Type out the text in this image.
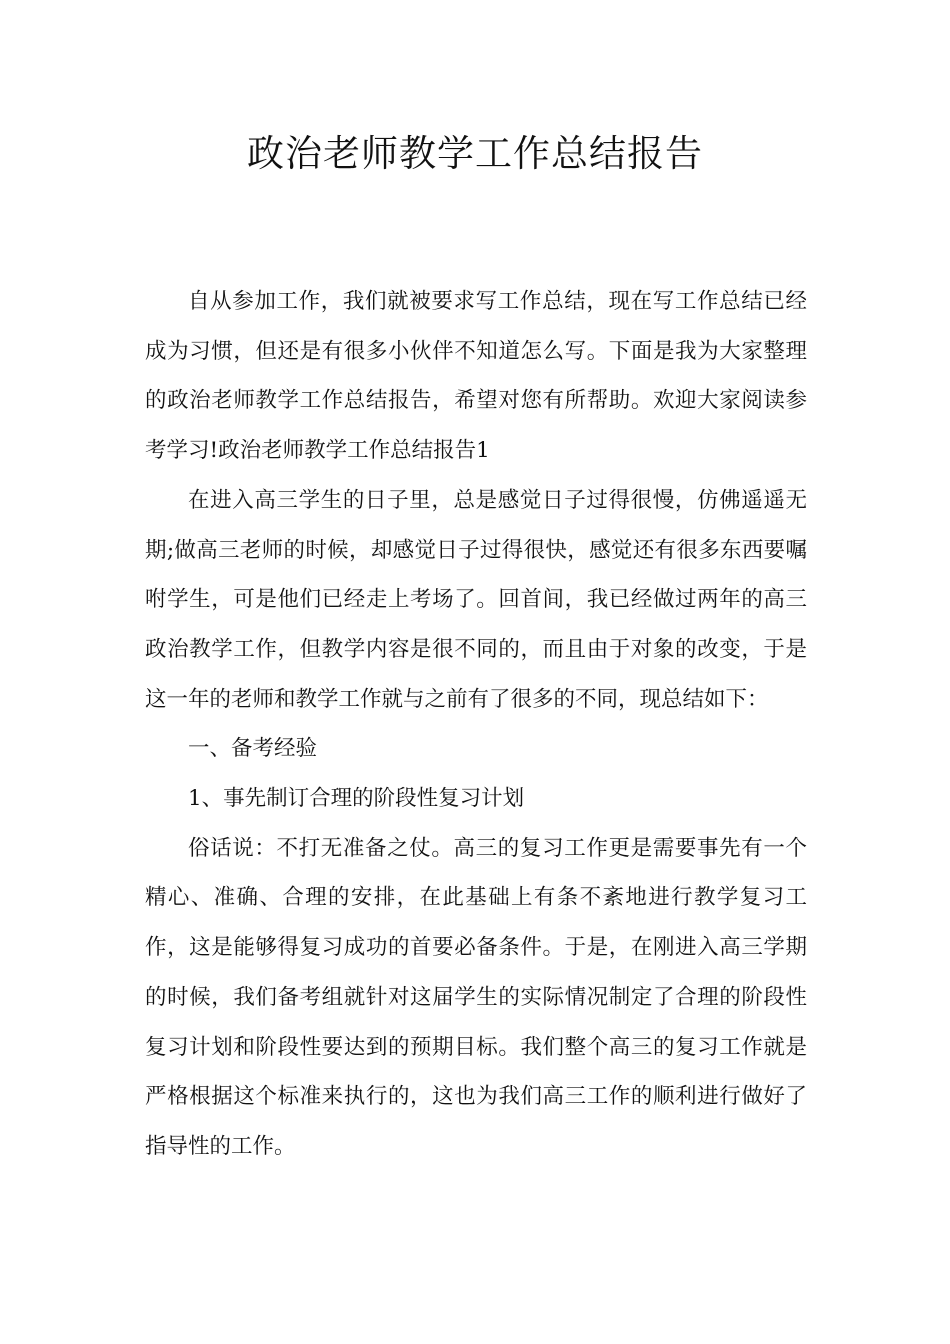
政治老师教学工作总结报告

自从参加工作，我们就被要求写工作总结，现在写工作总结已经成为习惯，但还是有很多小伙伴不知道怎么写。下面是我为大家整理的政治老师教学工作总结报告，希望对您有所帮助。欢迎大家阅读参考学习!政治老师教学工作总结报告1

在进入高三学生的日子里，总是感觉日子过得很慢，仿佛遥遥无期;做高三老师的时候，却感觉日子过得很快，感觉还有很多东西要嘱咐学生，可是他们已经走上考场了。回首间，我已经做过两年的高三政治教学工作，但教学内容是很不同的，而且由于对象的改变，于是这一年的老师和教学工作就与之前有了很多的不同，现总结如下：

一、备考经验

1、事先制订合理的阶段性复习计划

俗话说：不打无准备之仗。高三的复习工作更是需要事先有一个精心、准确、合理的安排，在此基础上有条不紊地进行教学复习工作，这是能够得复习成功的首要必备条件。于是，在刚进入高三学期的时候，我们备考组就针对这届学生的实际情况制定了合理的阶段性复习计划和阶段性要达到的预期目标。我们整个高三的复习工作就是严格根据这个标准来执行的，这也为我们高三工作的顺利进行做好了指导性的工作。
